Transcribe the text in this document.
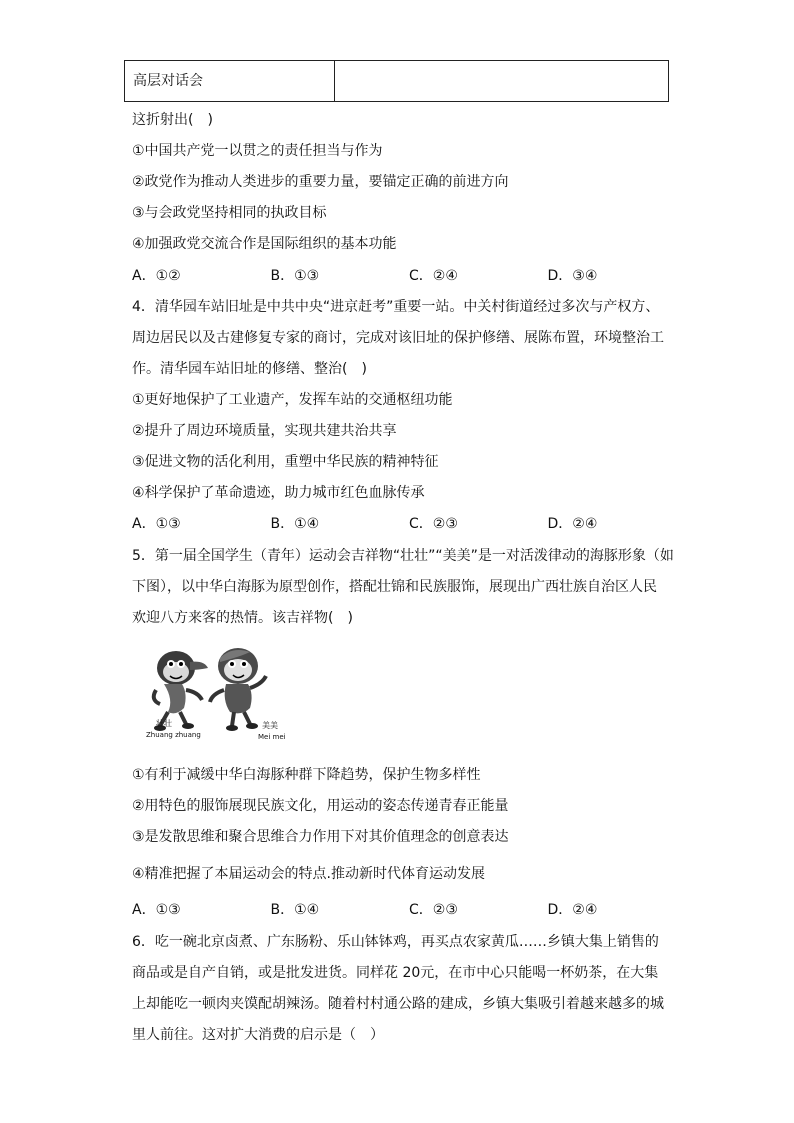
高层对话会
这折射出(　)
①中国共产党一以贯之的责任担当与作为
②政党作为推动人类进步的重要力量，要锚定正确的前进方向
③与会政党坚持相同的执政目标
④加强政党交流合作是国际组织的基本功能
A．①②	B．①③	C．②④	D．③④
4．清华园车站旧址是中共中央“进京赶考”重要一站。中关村街道经过多次与产权方、
周边居民以及古建修复专家的商讨，完成对该旧址的保护修缮、展陈布置，环境整治工
作。清华园车站旧址的修缮、整治(　)
①更好地保护了工业遗产，发挥车站的交通枢纽功能
②提升了周边环境质量，实现共建共治共享
③促进文物的活化利用，重塑中华民族的精神特征
④科学保护了革命遗迹，助力城市红色血脉传承
A．①③	B．①④	C．②③	D．②④
5．第一届全国学生（青年）运动会吉祥物“壮壮”“美美”是一对活泼律动的海豚形象（如
下图），以中华白海豚为原型创作，搭配壮锦和民族服饰，展现出广西壮族自治区人民
欢迎八方来客的热情。该吉祥物(　)
壮壮
Zhuang zhuang
美美
Mei mei
①有利于减缓中华白海豚种群下降趋势，保护生物多样性
②用特色的服饰展现民族文化，用运动的姿态传递青春正能量
③是发散思维和聚合思维合力作用下对其价值理念的创意表达
④精准把握了本届运动会的特点.推动新时代体育运动发展
A．①③	B．①④	C．②③	D．②④
6．吃一碗北京卤煮、广东肠粉、乐山钵钵鸡，再买点农家黄瓜……乡镇大集上销售的
商品或是自产自销，或是批发进货。同样花 20元，在市中心只能喝一杯奶茶，在大集
上却能吃一顿肉夹馍配胡辣汤。随着村村通公路的建成，乡镇大集吸引着越来越多的城
里人前往。这对扩大消费的启示是（　）
